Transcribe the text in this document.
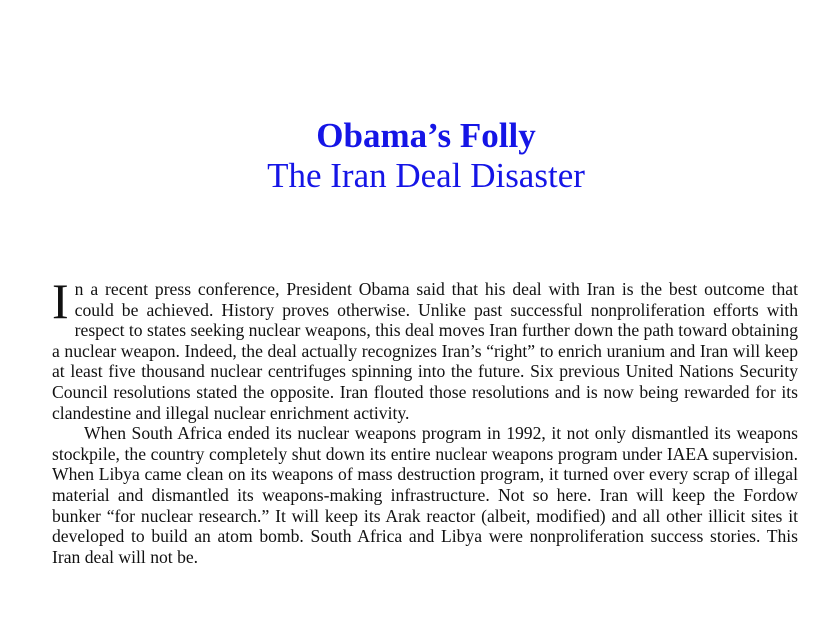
Obama’s Folly
The Iran Deal Disaster

In a recent press conference, President Obama said that his deal with Iran is the best outcome that could be achieved. History proves otherwise. Unlike past successful nonproliferation efforts with respect to states seeking nuclear weapons, this deal moves Iran further down the path toward obtaining a nuclear weapon. Indeed, the deal actually recognizes Iran’s “right” to enrich uranium and Iran will keep at least five thousand nuclear centrifuges spinning into the future. Six previous United Nations Security Council resolutions stated the opposite. Iran flouted those resolutions and is now being rewarded for its clandestine and illegal nuclear enrichment activity.

When South Africa ended its nuclear weapons program in 1992, it not only dismantled its weapons stockpile, the country completely shut down its entire nuclear weapons program under IAEA supervision. When Libya came clean on its weapons of mass destruction program, it turned over every scrap of illegal material and dismantled its weapons-making infrastructure. Not so here. Iran will keep the Fordow bunker “for nuclear research.” It will keep its Arak reactor (albeit, modified) and all other illicit sites it developed to build an atom bomb. South Africa and Libya were nonproliferation success stories. This Iran deal will not be.
